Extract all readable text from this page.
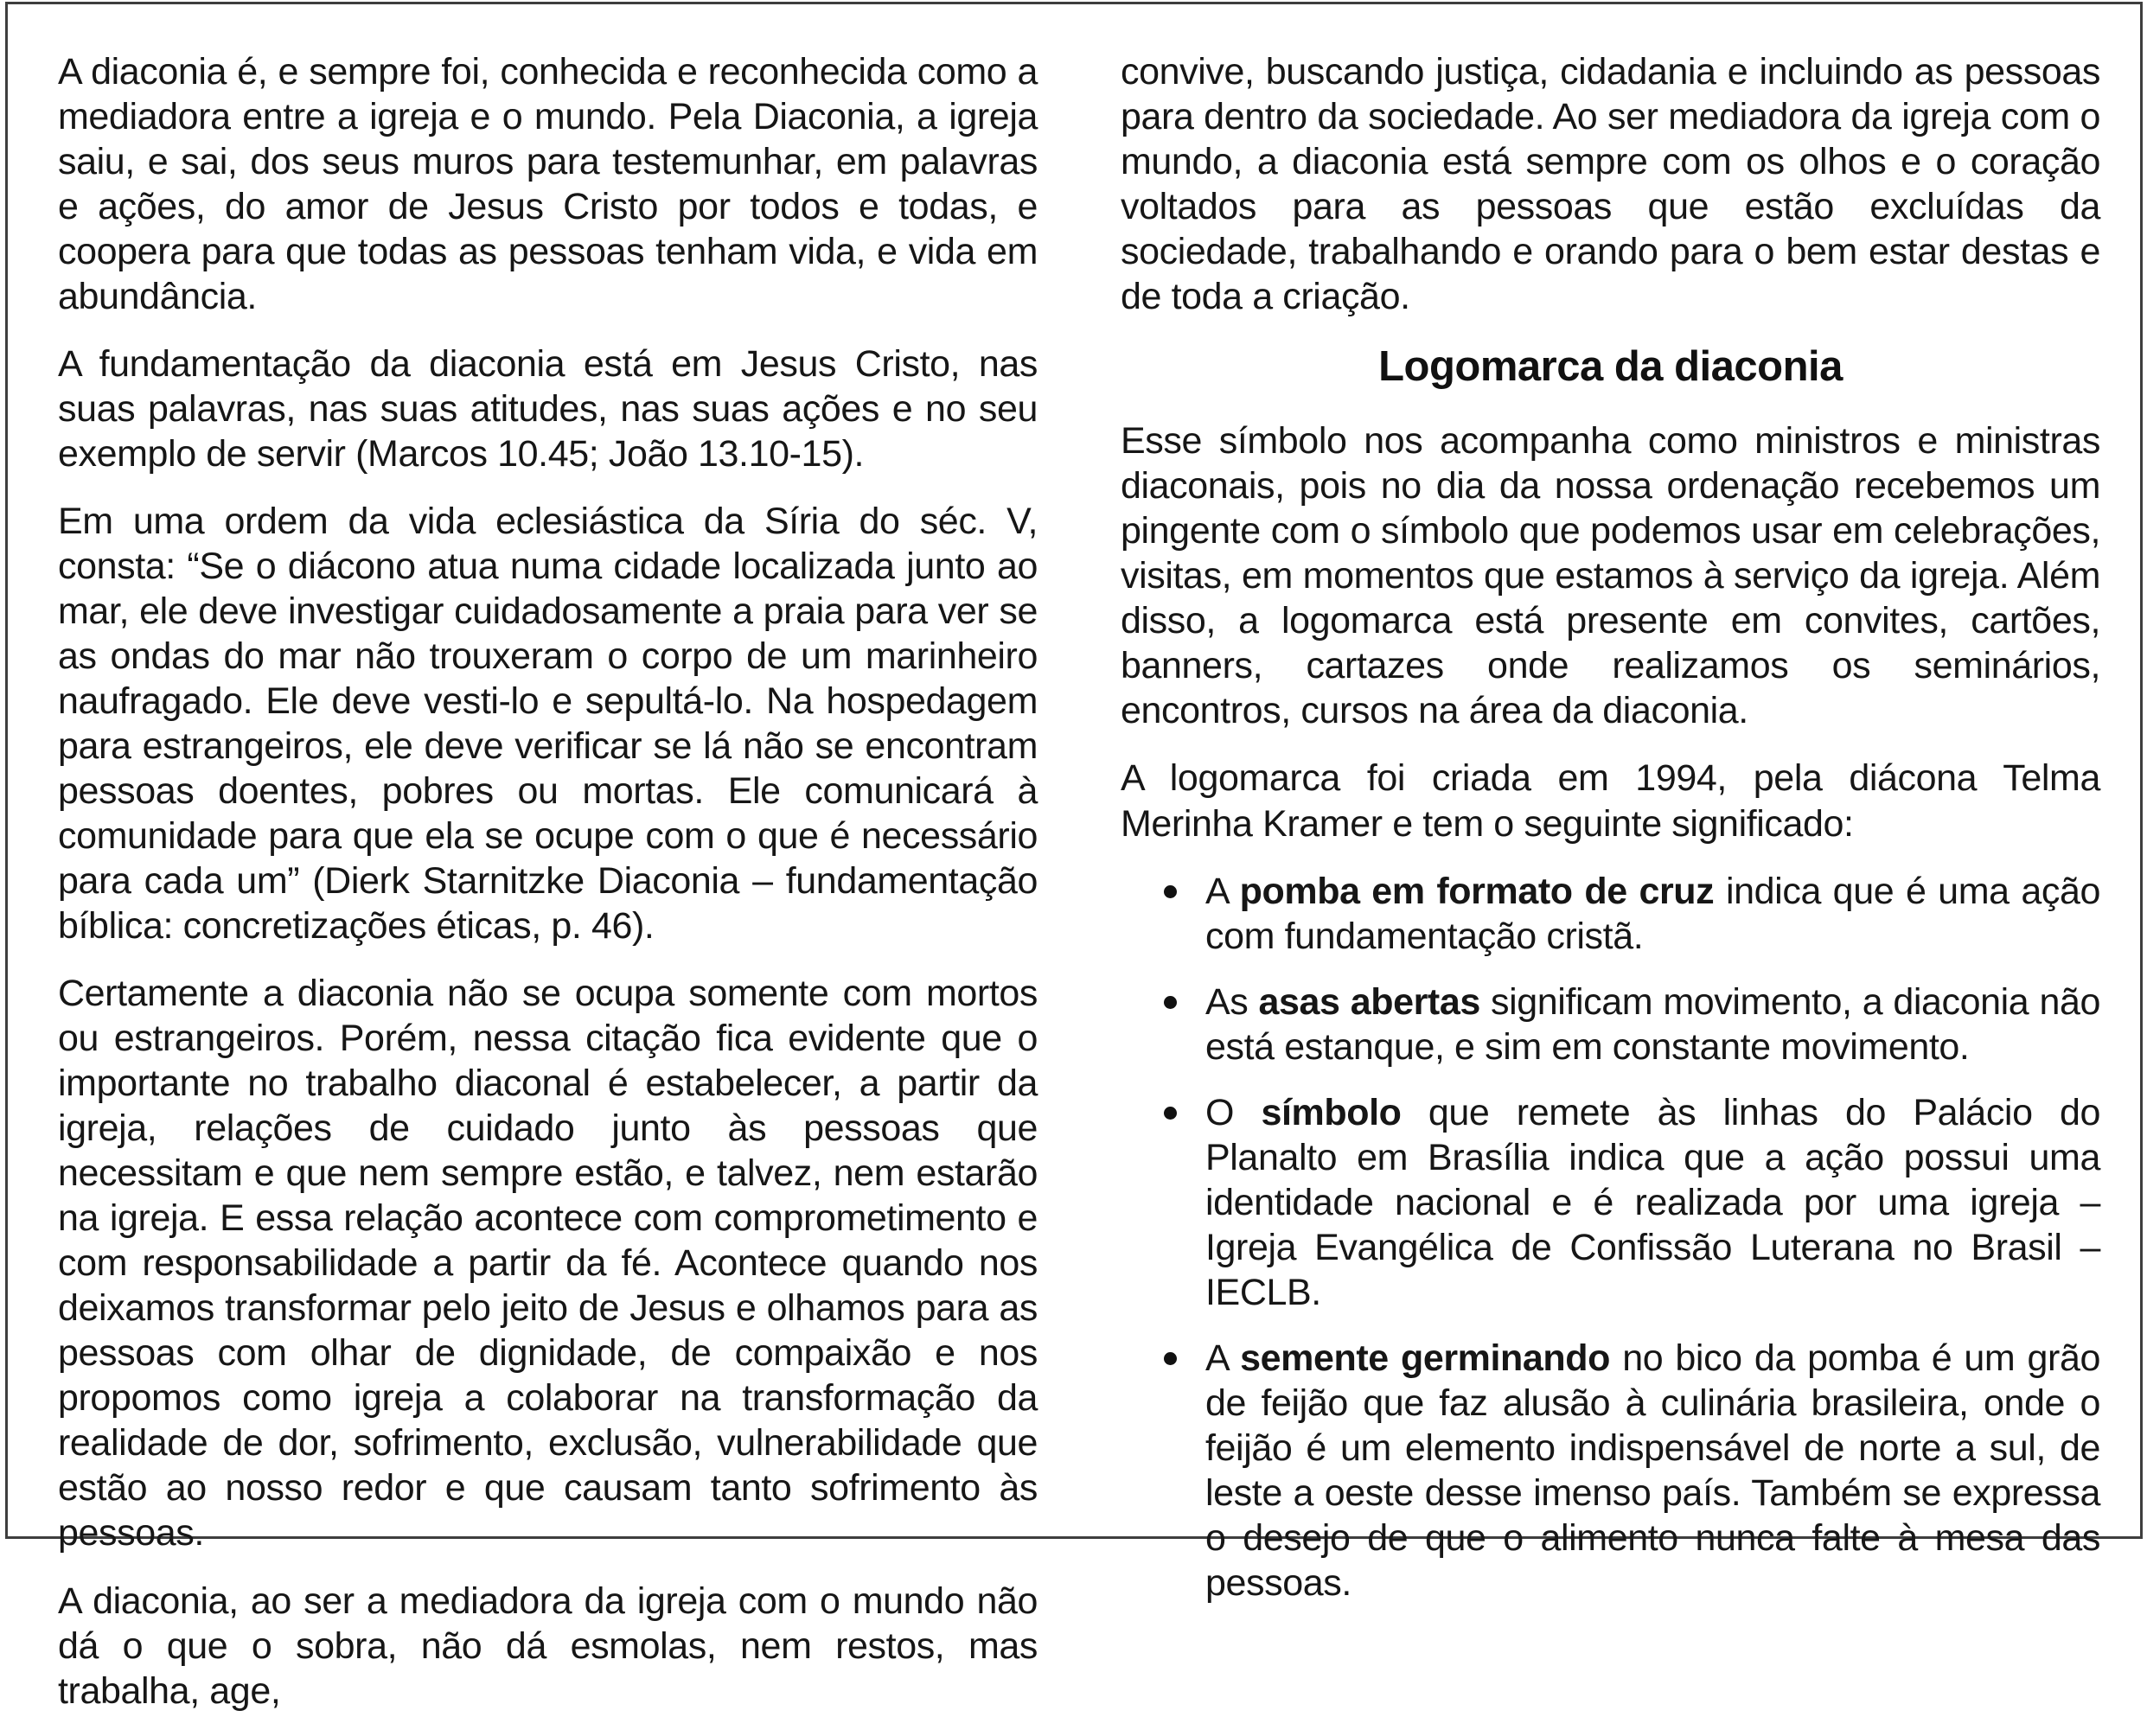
A diaconia é, e sempre foi, conhecida e reconhecida como a mediadora entre a igreja e o mundo. Pela Diaconia, a igreja saiu, e sai, dos seus muros para testemunhar, em palavras e ações, do amor de Jesus Cristo por todos e todas, e coopera para que todas as pessoas tenham vida, e vida em abundância.

A fundamentação da diaconia está em Jesus Cristo, nas suas palavras, nas suas atitudes, nas suas ações e no seu exemplo de servir (Marcos 10.45; João 13.10-15).

Em uma ordem da vida eclesiástica da Síria do séc. V, consta: “Se o diácono atua numa cidade localizada junto ao mar, ele deve investigar cuidadosamente a praia para ver se as ondas do mar não trouxeram o corpo de um marinheiro naufragado. Ele deve vesti-lo e sepultá-lo. Na hospedagem para estrangeiros, ele deve verificar se lá não se encontram pessoas doentes, pobres ou mortas. Ele comunicará à comunidade para que ela se ocupe com o que é necessário para cada um” (Dierk Starnitzke Diaconia – fundamentação bíblica: concretizações éticas, p. 46).

Certamente a diaconia não se ocupa somente com mortos ou estrangeiros. Porém, nessa citação fica evidente que o importante no trabalho diaconal é estabelecer, a partir da igreja, relações de cuidado junto às pessoas que necessitam e que nem sempre estão, e talvez, nem estarão na igreja. E essa relação acontece com comprometimento e com responsabilidade a partir da fé. Acontece quando nos deixamos transformar pelo jeito de Jesus e olhamos para as pessoas com olhar de dignidade, de compaixão e nos propomos como igreja a colaborar na transformação da realidade de dor, sofrimento, exclusão, vulnerabilidade que estão ao nosso redor e que causam tanto sofrimento às pessoas.

A diaconia, ao ser a mediadora da igreja com o mundo não dá o que o sobra, não dá esmolas, nem restos, mas trabalha, age,

convive, buscando justiça, cidadania e incluindo as pessoas para dentro da sociedade. Ao ser mediadora da igreja com o mundo, a diaconia está sempre com os olhos e o coração voltados para as pessoas que estão excluídas da sociedade, trabalhando e orando para o bem estar destas e de toda a criação.

Logomarca da diaconia

Esse símbolo nos acompanha como ministros e ministras diaconais, pois no dia da nossa ordenação recebemos um pingente com o símbolo que podemos usar em celebrações, visitas, em momentos que estamos à serviço da igreja. Além disso, a logomarca está presente em convites, cartões, banners, cartazes onde realizamos os seminários, encontros, cursos na área da diaconia.

A logomarca foi criada em 1994, pela diácona Telma Merinha Kramer e tem o seguinte significado:

A pomba em formato de cruz indica que é uma ação com fundamentação cristã.
As asas abertas significam movimento, a diaconia não está estanque, e sim em constante movimento.
O símbolo que remete às linhas do Palácio do Planalto em Brasília indica que a ação possui uma identidade nacional e é realizada por uma igreja – Igreja Evangélica de Confissão Luterana no Brasil – IECLB.
A semente germinando no bico da pomba é um grão de feijão que faz alusão à culinária brasileira, onde o feijão é um elemento indispensável de norte a sul, de leste a oeste desse imenso país. Também se expressa o desejo de que o alimento nunca falte à mesa das pessoas.
